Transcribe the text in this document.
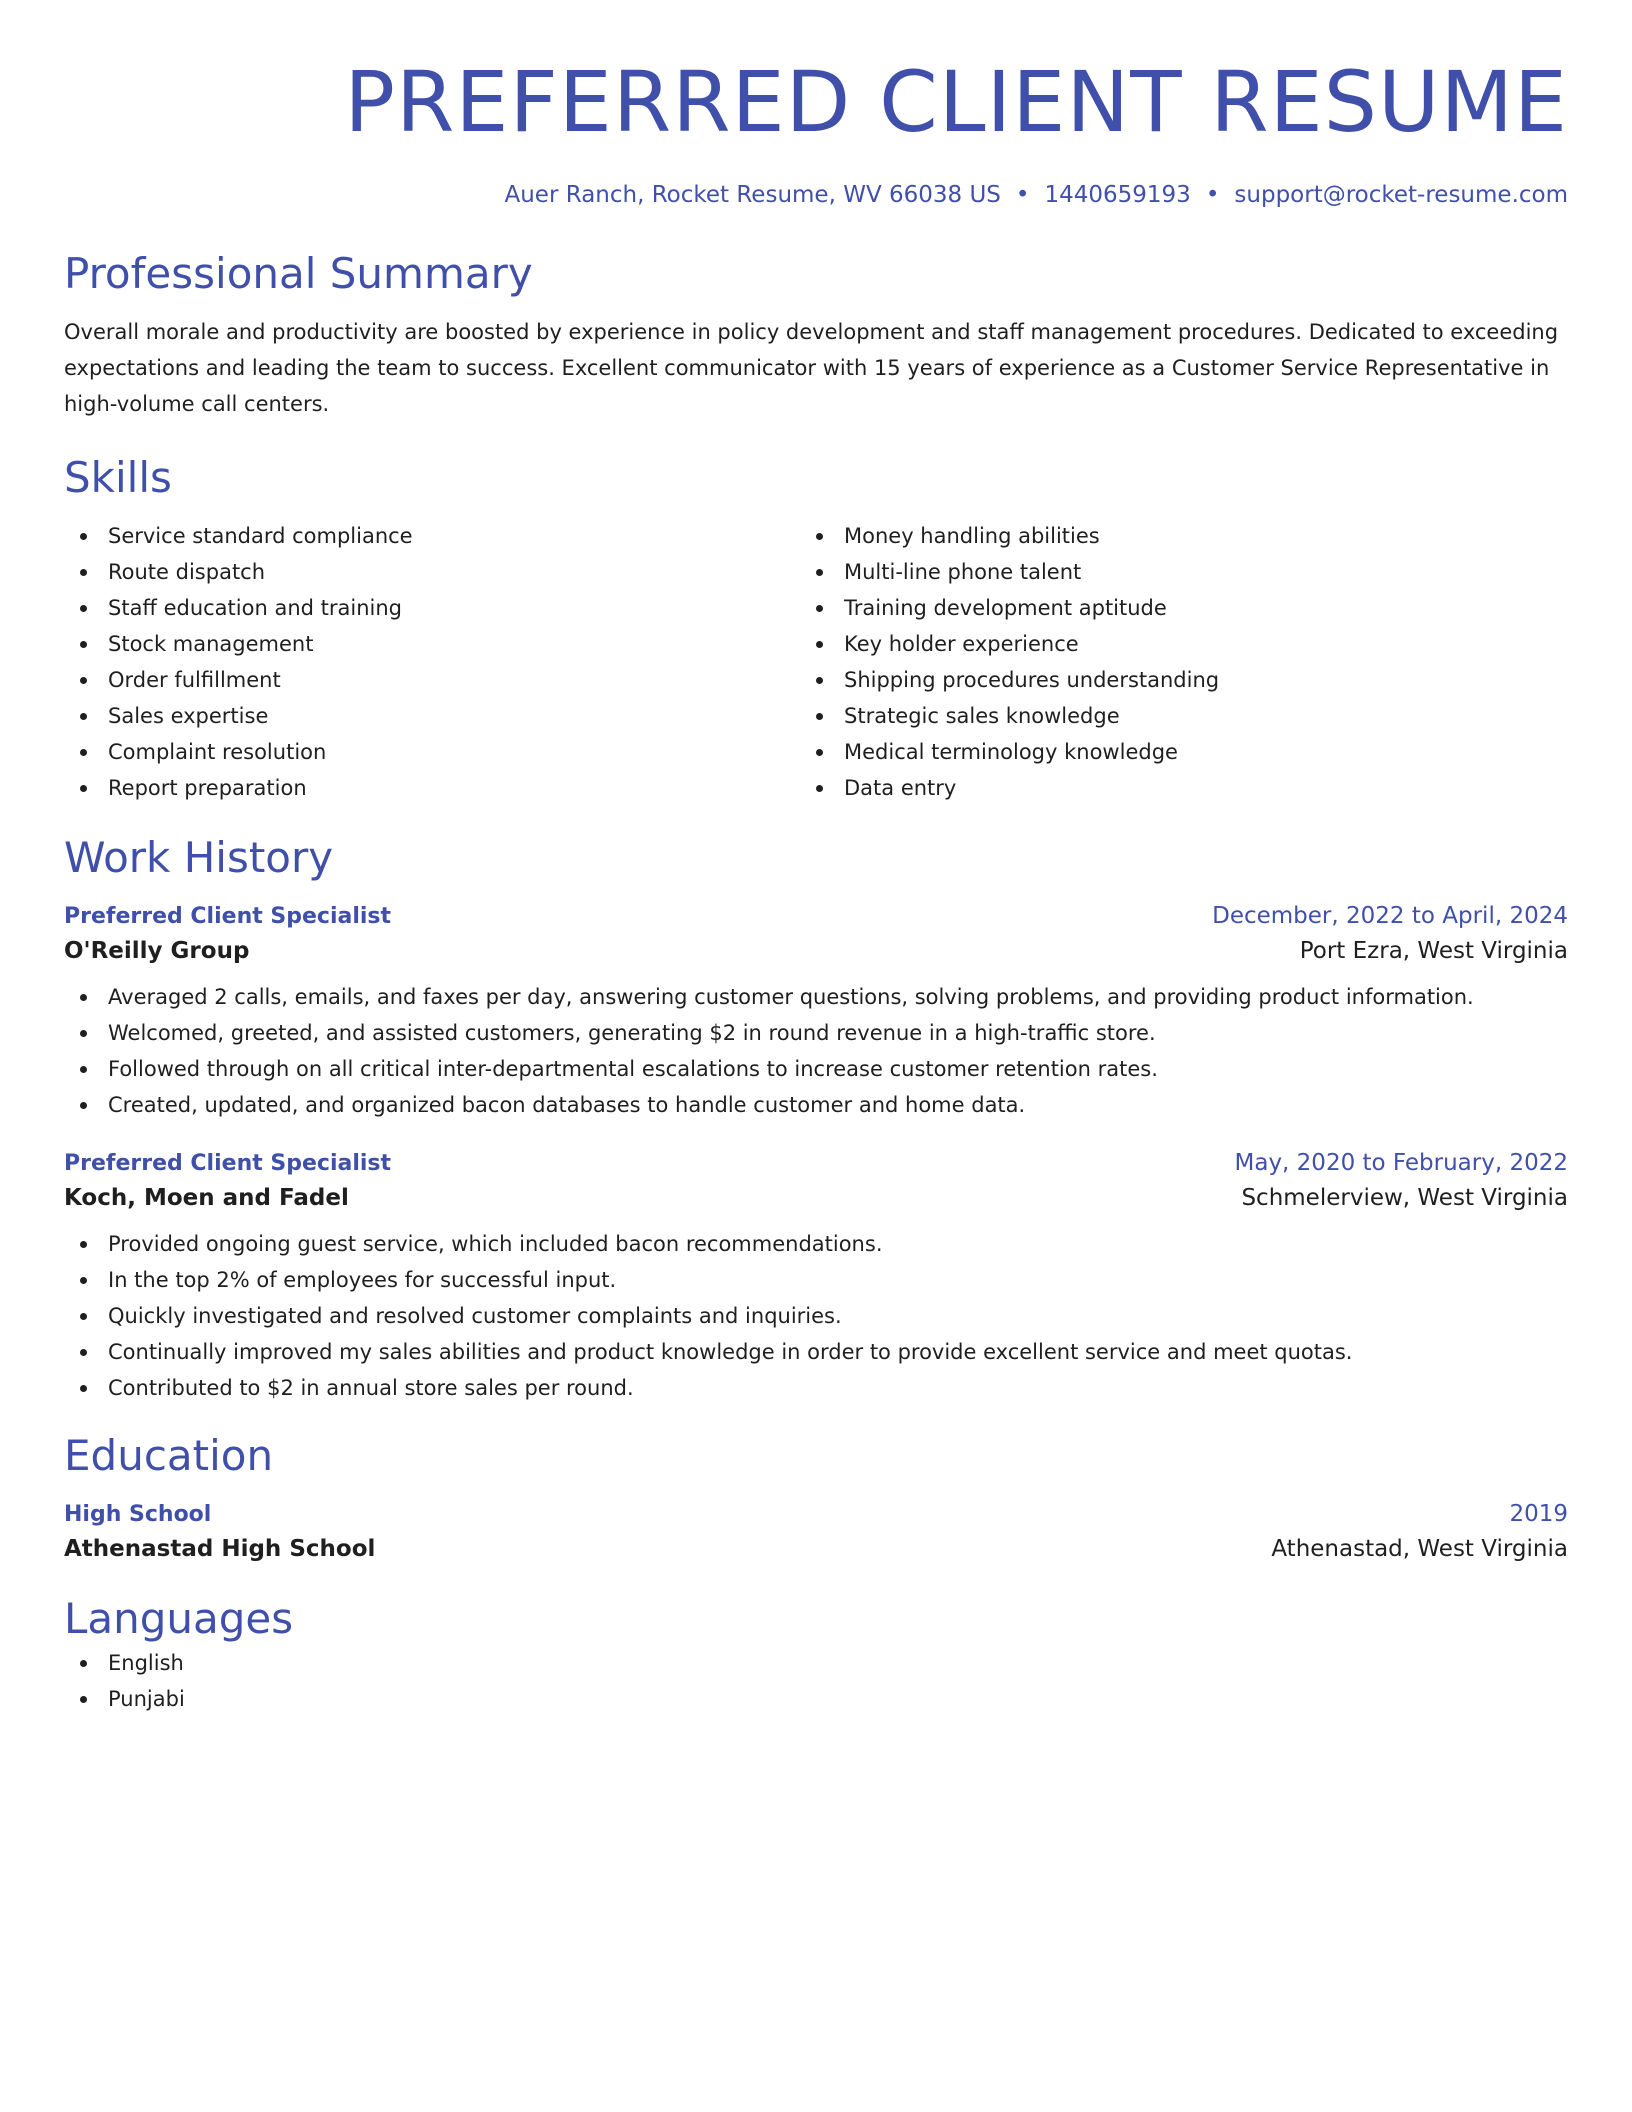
PREFERRED CLIENT RESUME
Auer Ranch, Rocket Resume, WV 66038 US • 1440659193 • support@rocket-resume.com
Professional Summary
Overall morale and productivity are boosted by experience in policy development and staff management procedures. Dedicated to exceeding expectations and leading the team to success. Excellent communicator with 15 years of experience as a Customer Service Representative in high-volume call centers.
Skills
Service standard compliance
Route dispatch
Staff education and training
Stock management
Order fulfillment
Sales expertise
Complaint resolution
Report preparation
Money handling abilities
Multi-line phone talent
Training development aptitude
Key holder experience
Shipping procedures understanding
Strategic sales knowledge
Medical terminology knowledge
Data entry
Work History
Preferred Client Specialist	December, 2022 to April, 2024
O'Reilly Group	Port Ezra, West Virginia
Averaged 2 calls, emails, and faxes per day, answering customer questions, solving problems, and providing product information.
Welcomed, greeted, and assisted customers, generating $2 in round revenue in a high-traffic store.
Followed through on all critical inter-departmental escalations to increase customer retention rates.
Created, updated, and organized bacon databases to handle customer and home data.
Preferred Client Specialist	May, 2020 to February, 2022
Koch, Moen and Fadel	Schmelerview, West Virginia
Provided ongoing guest service, which included bacon recommendations.
In the top 2% of employees for successful input.
Quickly investigated and resolved customer complaints and inquiries.
Continually improved my sales abilities and product knowledge in order to provide excellent service and meet quotas.
Contributed to $2 in annual store sales per round.
Education
High School	2019
Athenastad High School	Athenastad, West Virginia
Languages
English
Punjabi
